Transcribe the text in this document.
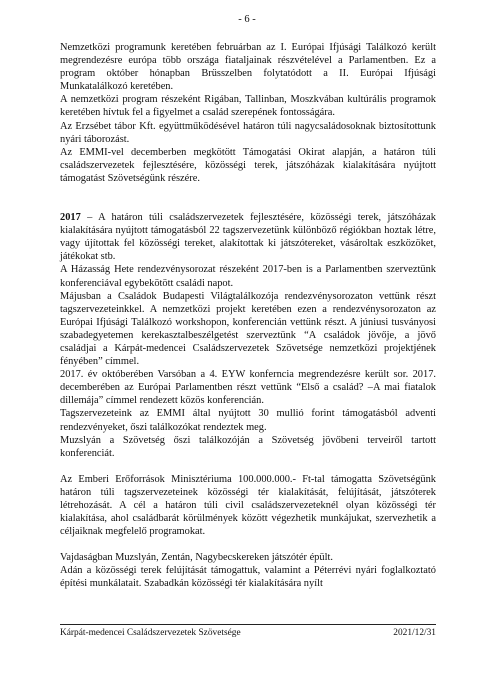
- 6 -

Nemzetközi programunk keretében februárban az I. Európai Ifjúsági Találkozó került megrendezésre európa több országa fiataljainak részvételével a Parlamentben. Ez a program október hónapban Brüsszelben folytatódott a II. Európai Ifjúsági Munkatalálkozó keretében.

A nemzetközi program részeként Rigában, Tallinban, Moszkvában kultúrális programok keretében hívtuk fel a figyelmet a család szerepének fontosságára.

Az Erzsébet tábor Kft. együttműködésével határon túli nagycsaládosoknak biztosítottunk nyári táborozást.

Az EMMI-vel decemberben megkötött Támogatási Okirat alapján, a határon túli családszervezetek fejlesztésére, közösségi terek, játszóházak kialakítására nyújtott támogatást Szövetségünk részére.

2017 – A határon túli családszervezetek fejlesztésére, közösségi terek, játszóházak kialakítására nyújtott támogatásból 22 tagszervezetünk különböző régiókban hoztak létre, vagy újítottak fel közösségi tereket, alakítottak ki játszótereket, vásároltak eszközöket, játékokat stb.

A Házasság Hete rendezvénysorozat részeként 2017-ben is a Parlamentben szerveztünk konferenciával egybekötött családi napot.

Májusban a Családok Budapesti Világtalálkozója rendezvénysorozaton vettünk részt tagszervezeteinkkel. A nemzetközi projekt keretében ezen a rendezvénysorozaton az Európai Ifjúsági Találkozó workshopon, konferencián vettünk részt. A júniusi tusványosi szabadegyetemen kerekasztalbeszélgetést szerveztünk “A családok jövője, a jövő családjai a Kárpát-medencei Családszervezetek Szövetsége nemzetközi projektjének fényében” címmel.

2017. év októberében Varsóban a 4. EYW konfernciа megrendezésre került sor. 2017. decemberében az Európai Parlamentben részt vettünk “Első a család? –A mai fiatalok dillemája” címmel rendezett közös konferencián.

Tagszervezeteink az EMMI által nyújtott 30 mullió forint támogatásból adventi rendezvényeket, őszi találkozókat rendeztek meg.

Muzslyán a Szövetség őszi találkozóján a Szövetség jövőbeni terveiről tartott konferenciát.

Az Emberi Erőforrások Minisztériuma 100.000.000.- Ft-tal támogatta Szövetségünk határon túli tagszervezeteinek közösségi tér kialakítását, felújítását, játszóterek létrehozását. A cél a határon túli civil családszervezeteknél olyan közösségi tér kialakítása, ahol családbarát körülmények között végezhetik munkájukat, szervezhetik a céljaiknak megfelelő programokat.

Vajdaságban Muzslyán, Zentán, Nagybecskereken játszótér épült.

Adán a közösségi terek felújítását támogattuk, valamint a Péterrévi nyári foglalkoztató építési munkálatait. Szabadkán közösségi tér kialakítására nyílt

Kárpát-medencei Családszervezetek Szövetsége	2021/12/31
